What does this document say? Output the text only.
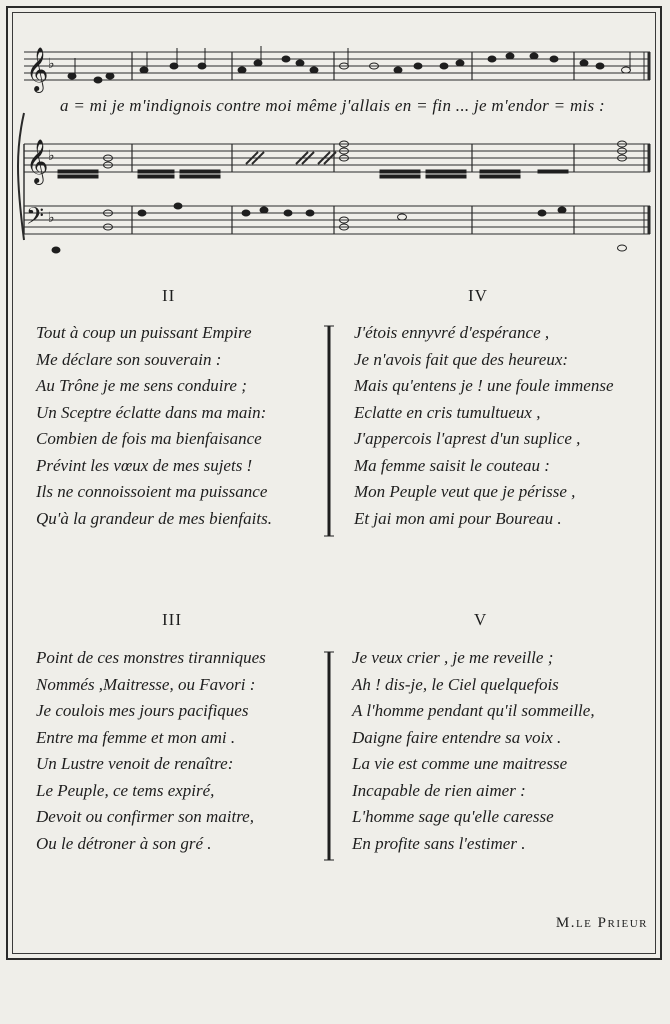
𝄞
𝄞
𝄢
♭
♭
♭
a = mi je m'indignois contre moi même j'allais en = fin ... je m'endor = mis :
II
Tout à coup un puissant Empire
Me déclare son souverain :
Au Trône je me sens conduire ;
Un Sceptre éclatte dans ma main:
Combien de fois ma bienfaisance
Prévint les vœux de mes sujets !
Ils ne connoissoient ma puissance
Qu'à la grandeur de mes bienfaits.
IV
J'étois ennyvré d'espérance ,
Je n'avois fait que des heureux:
Mais qu'entens je ! une foule immense
Eclatte en cris tumultueux ,
J'appercois l'aprest d'un suplice ,
Ma femme saisit le couteau :
Mon Peuple veut que je périsse ,
Et jai mon ami pour Boureau .
III
Point de ces monstres tiranniques
Nommés ,Maitresse, ou Favori :
Je coulois mes jours pacifiques
Entre ma femme et mon ami .
Un Lustre venoit de renaître:
Le Peuple, ce tems expiré,
Devoit ou confirmer son maitre,
Ou le détroner à son gré .
V
Je veux crier , je me reveille ;
Ah ! dis-je, le Ciel quelquefois
A l'homme pendant qu'il sommeille,
Daigne faire entendre sa voix .
La vie est comme une maitresse
Incapable de rien aimer :
L'homme sage qu'elle caresse
En profite sans l'estimer .
M.le Prieur
